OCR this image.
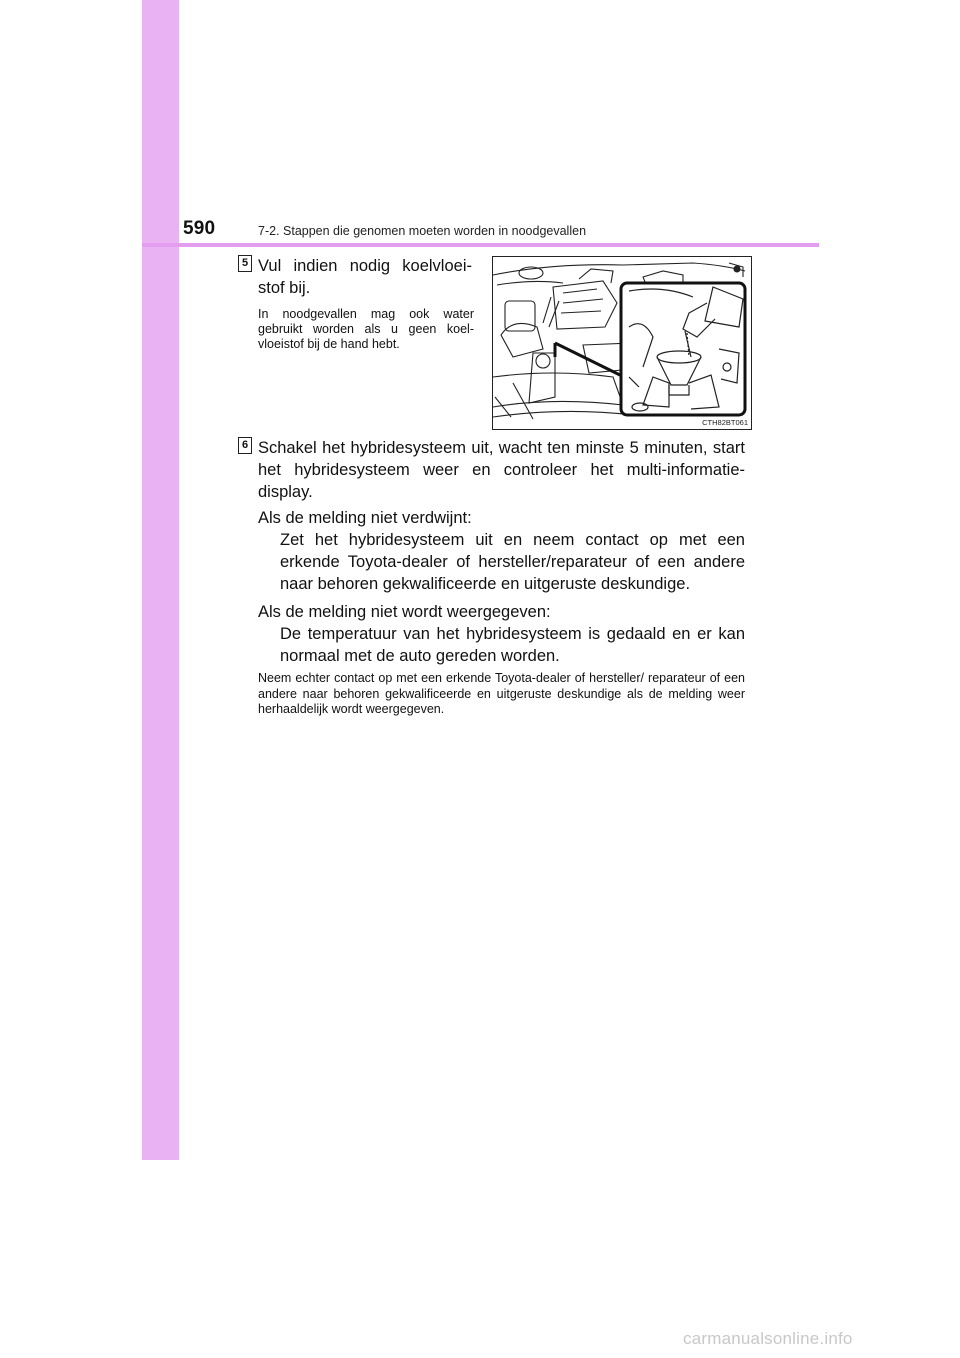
590	7-2. Stappen die genomen moeten worden in noodgevallen
5 Vul indien nodig koelvloei-stof bij.
In noodgevallen mag ook water gebruikt worden als u geen koel-vloeistof bij de hand hebt.
CTH82BT061
6 Schakel het hybridesysteem uit, wacht ten minste 5 minuten, start het hybridesysteem weer en controleer het multi-informatie-display.
Als de melding niet verdwijnt:
Zet het hybridesysteem uit en neem contact op met een erkende Toyota-dealer of hersteller/reparateur of een andere naar behoren gekwalificeerde en uitgeruste deskundige.
Als de melding niet wordt weergegeven:
De temperatuur van het hybridesysteem is gedaald en er kan normaal met de auto gereden worden.
Neem echter contact op met een erkende Toyota-dealer of hersteller/ reparateur of een andere naar behoren gekwalificeerde en uitgeruste deskundige als de melding weer herhaaldelijk wordt weergegeven.
carmanualsonline.info
